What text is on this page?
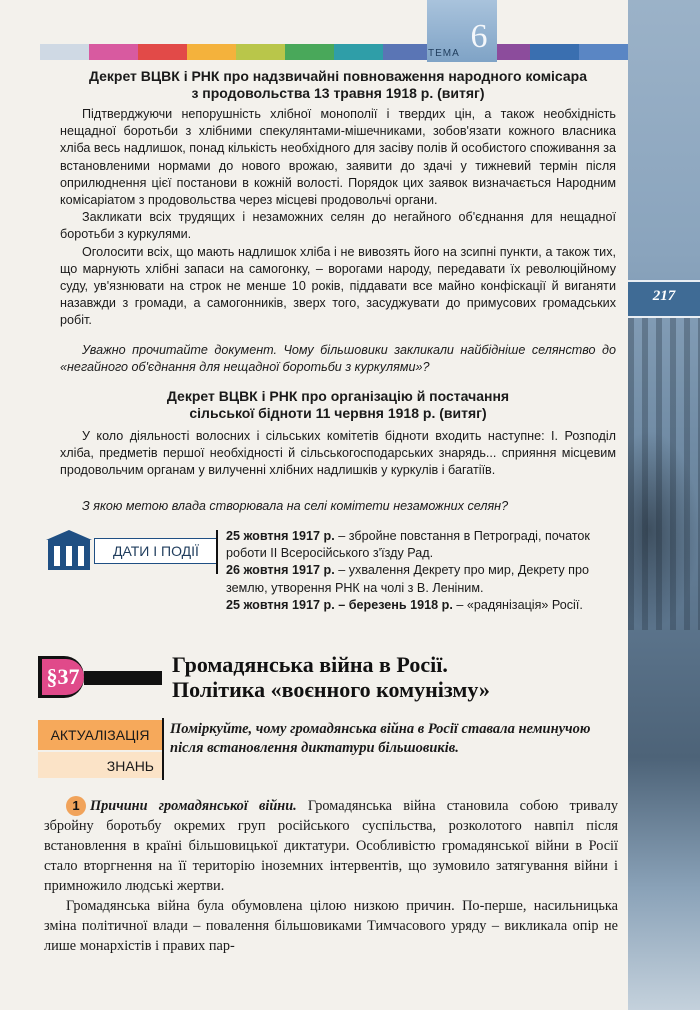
217
ТЕМА 6
Декрет ВЦВК і РНК про надзвичайні повноваження народного комісара
з продовольства 13 травня 1918 р. (витяг)

Підтверджуючи непорушність хлібної монополії і твердих цін, а також необхідність нещадної боротьби з хлібними спекулянтами-мішечниками, зобов'язати кожного власника хліба весь надлишок, понад кількість необхідного для засіву полів й особистого споживання за встановленими нормами до нового врожаю, заявити до здачі у тижневий термін після оприлюднення цієї постанови в кожній волості. Порядок цих заявок визначається Народним комісаріатом з продовольства через місцеві продовольчі органи.

Закликати всіх трудящих і незаможних селян до негайного об'єднання для нещадної боротьби з куркулями.

Оголосити всіх, що мають надлишок хліба і не вивозять його на зсипні пункти, а також тих, що марнують хлібні запаси на самогонку, – ворогами народу, передавати їх революційному суду, ув'язнювати на строк не менше 10 років, піддавати все майно конфіскації й виганяти назавжди з громади, а самогонників, зверх того, засуджувати до примусових громадських робіт.

Уважно прочитайте документ. Чому більшовики закликали найбідніше селянство до «негайного об'єднання для нещадної боротьби з куркулями»?

Декрет ВЦВК і РНК про організацію й постачання
сільської бідноти 11 червня 1918 р. (витяг)

У коло діяльності волосних і сільських комітетів бідноти входить наступне: І. Розподіл хліба, предметів першої необхідності й сільськогосподарських знарядь... сприяння місцевим продовольчим органам у вилученні хлібних надлишків у куркулів і багатіїв.

З якою метою влада створювала на селі комітети незаможних селян?

ДАТИ І ПОДІЇ

25 жовтня 1917 р. – збройне повстання в Петрограді, початок роботи II Всеросійського з'їзду Рад.

26 жовтня 1917 р. – ухвалення Декрету про мир, Декрету про землю, утворення РНК на чолі з В. Леніним.

25 жовтня 1917 р. – березень 1918 р. – «радянізація» Росії.

§37	Громадянська війна в Росії.
Політика «воєнного комунізму»
АКТУАЛІЗАЦІЯ
ЗНАНЬ
Поміркуйте, чому громадянська війна в Росії ставала неминучою після встановлення диктатури більшовиків.

1 Причини громадянської війни. Громадянська війна становила собою тривалу збройну боротьбу окремих груп російського суспільства, розколотого навпіл після встановлення в країні більшовицької диктатури. Особливістю громадянської війни в Росії стало вторгнення на її територію іноземних інтервентів, що зумовило затягування війни і примножило людські жертви.

Громадянська війна була обумовлена цілою низкою причин. По-перше, насильницька зміна політичної влади – повалення більшовиками Тимчасового уряду – викликала опір не лише монархістів і правих пар-
